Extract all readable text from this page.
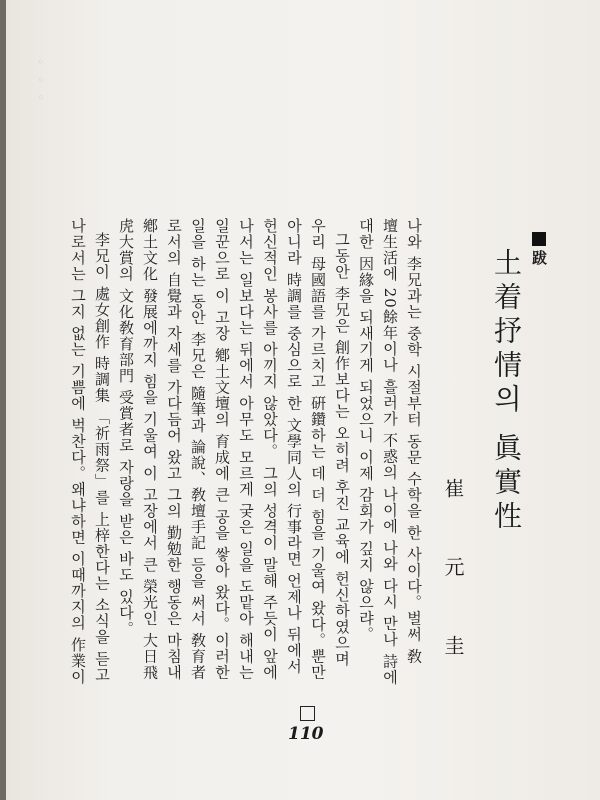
◦ ◦ ◦
跋
土着抒情의 眞實性
崔 元 圭
나와 李兄과는 중학 시절부터 동문 수학을 한 사이다。벌써 敎
壇生活에 20餘年이나 흘러가 不惑의 나이에 나와 다시 만나 詩에
대한 因緣을 되새기게 되었으니 이제 감회가 깊지 않으랴。
그동안 李兄은 創作보다는 오히려 후진 교육에 헌신하였으며
우리 母國語를 가르치고 硏鑽하는 데 더 힘을 기울여 왔다。뿐만
아니라 時調를 중심으로 한 文學同人의 行事라면 언제나 뒤에서
헌신적인 봉사를 아끼지 않았다。 그의 성격이 말해 주듯이 앞에
나서는 일보다는 뒤에서 아무도 모르게 궂은 일을 도맡아 해내는
일꾼으로 이 고장 鄕土文壇의 育成에 큰 공을 쌓아 왔다。이러한
일을 하는 동안 李兄은 隨筆과 論說、敎壇手記 등을 써서 敎育者
로서의 自覺과 자세를 가다듬어 왔고 그의 勤勉한 행동은 마침내
鄕土文化 發展에까지 힘을 기울여 이 고장에서 큰 榮光인 大日飛
虎大賞의 文化敎育部門 受賞者로 자랑을 받은 바도 있다。
李兄이 處女創作 時調集 「祈雨祭」를 上梓한다는 소식을 듣고
나로서는 그지 없는 기쁨에 벅찬다。왜냐하면 이때까지의 作業이
110
